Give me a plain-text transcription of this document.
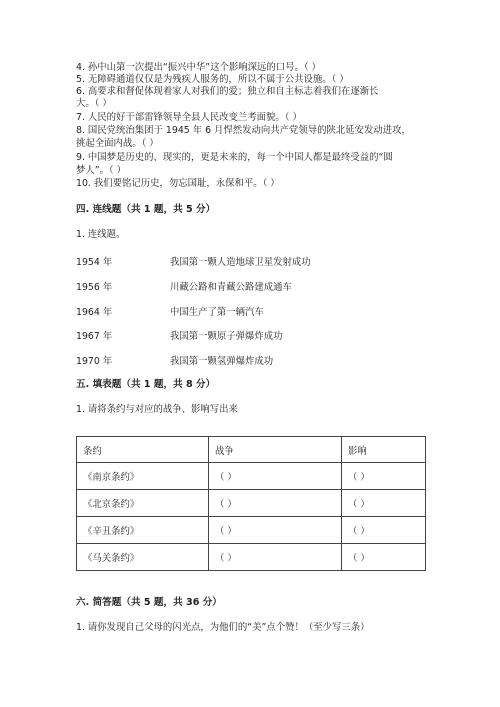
4. 孙中山第一次提出“振兴中华”这个影响深远的口号。（ ）
5. 无障碍通道仅仅是为残疾人服务的，所以不属于公共设施。（ ）
6. 高要求和督促体现着家人对我们的爱；独立和自主标志着我们在逐渐长
大。（ ）
7. 人民的好干部雷锋领导全县人民改变兰考面貌。（ ）
8. 国民党统治集团于 1945 年 6 月悍然发动向共产党领导的陕北延安发动进攻，
挑起全面内战。（ ）
9. 中国梦是历史的、现实的，更是未来的，每一个中国人都是最终受益的“圆
梦人”。（ ）
10. 我们要铭记历史，勿忘国耻，永保和平。（ ）
四. 连线题（共 1 题，共 5 分）
1. 连线题。
1954 年	我国第一颗人造地球卫星发射成功
1956 年	川藏公路和青藏公路建成通车
1964 年	中国生产了第一辆汽车
1967 年	我国第一颗原子弹爆炸成功
1970 年	我国第一颗氢弹爆炸成功
五. 填表题（共 1 题，共 8 分）
1. 请将条约与对应的战争、影响写出来
条约	战争	影响
《南京条约》	（ ）	（ ）
《北京条约》	（ ）	（ ）
《辛丑条约》	（ ）	（ ）
《马关条约》	（ ）	（ ）
六. 简答题（共 5 题，共 36 分）
1. 请你发现自己父母的闪光点，为他们的“美”点个赞！（至少写三条）
